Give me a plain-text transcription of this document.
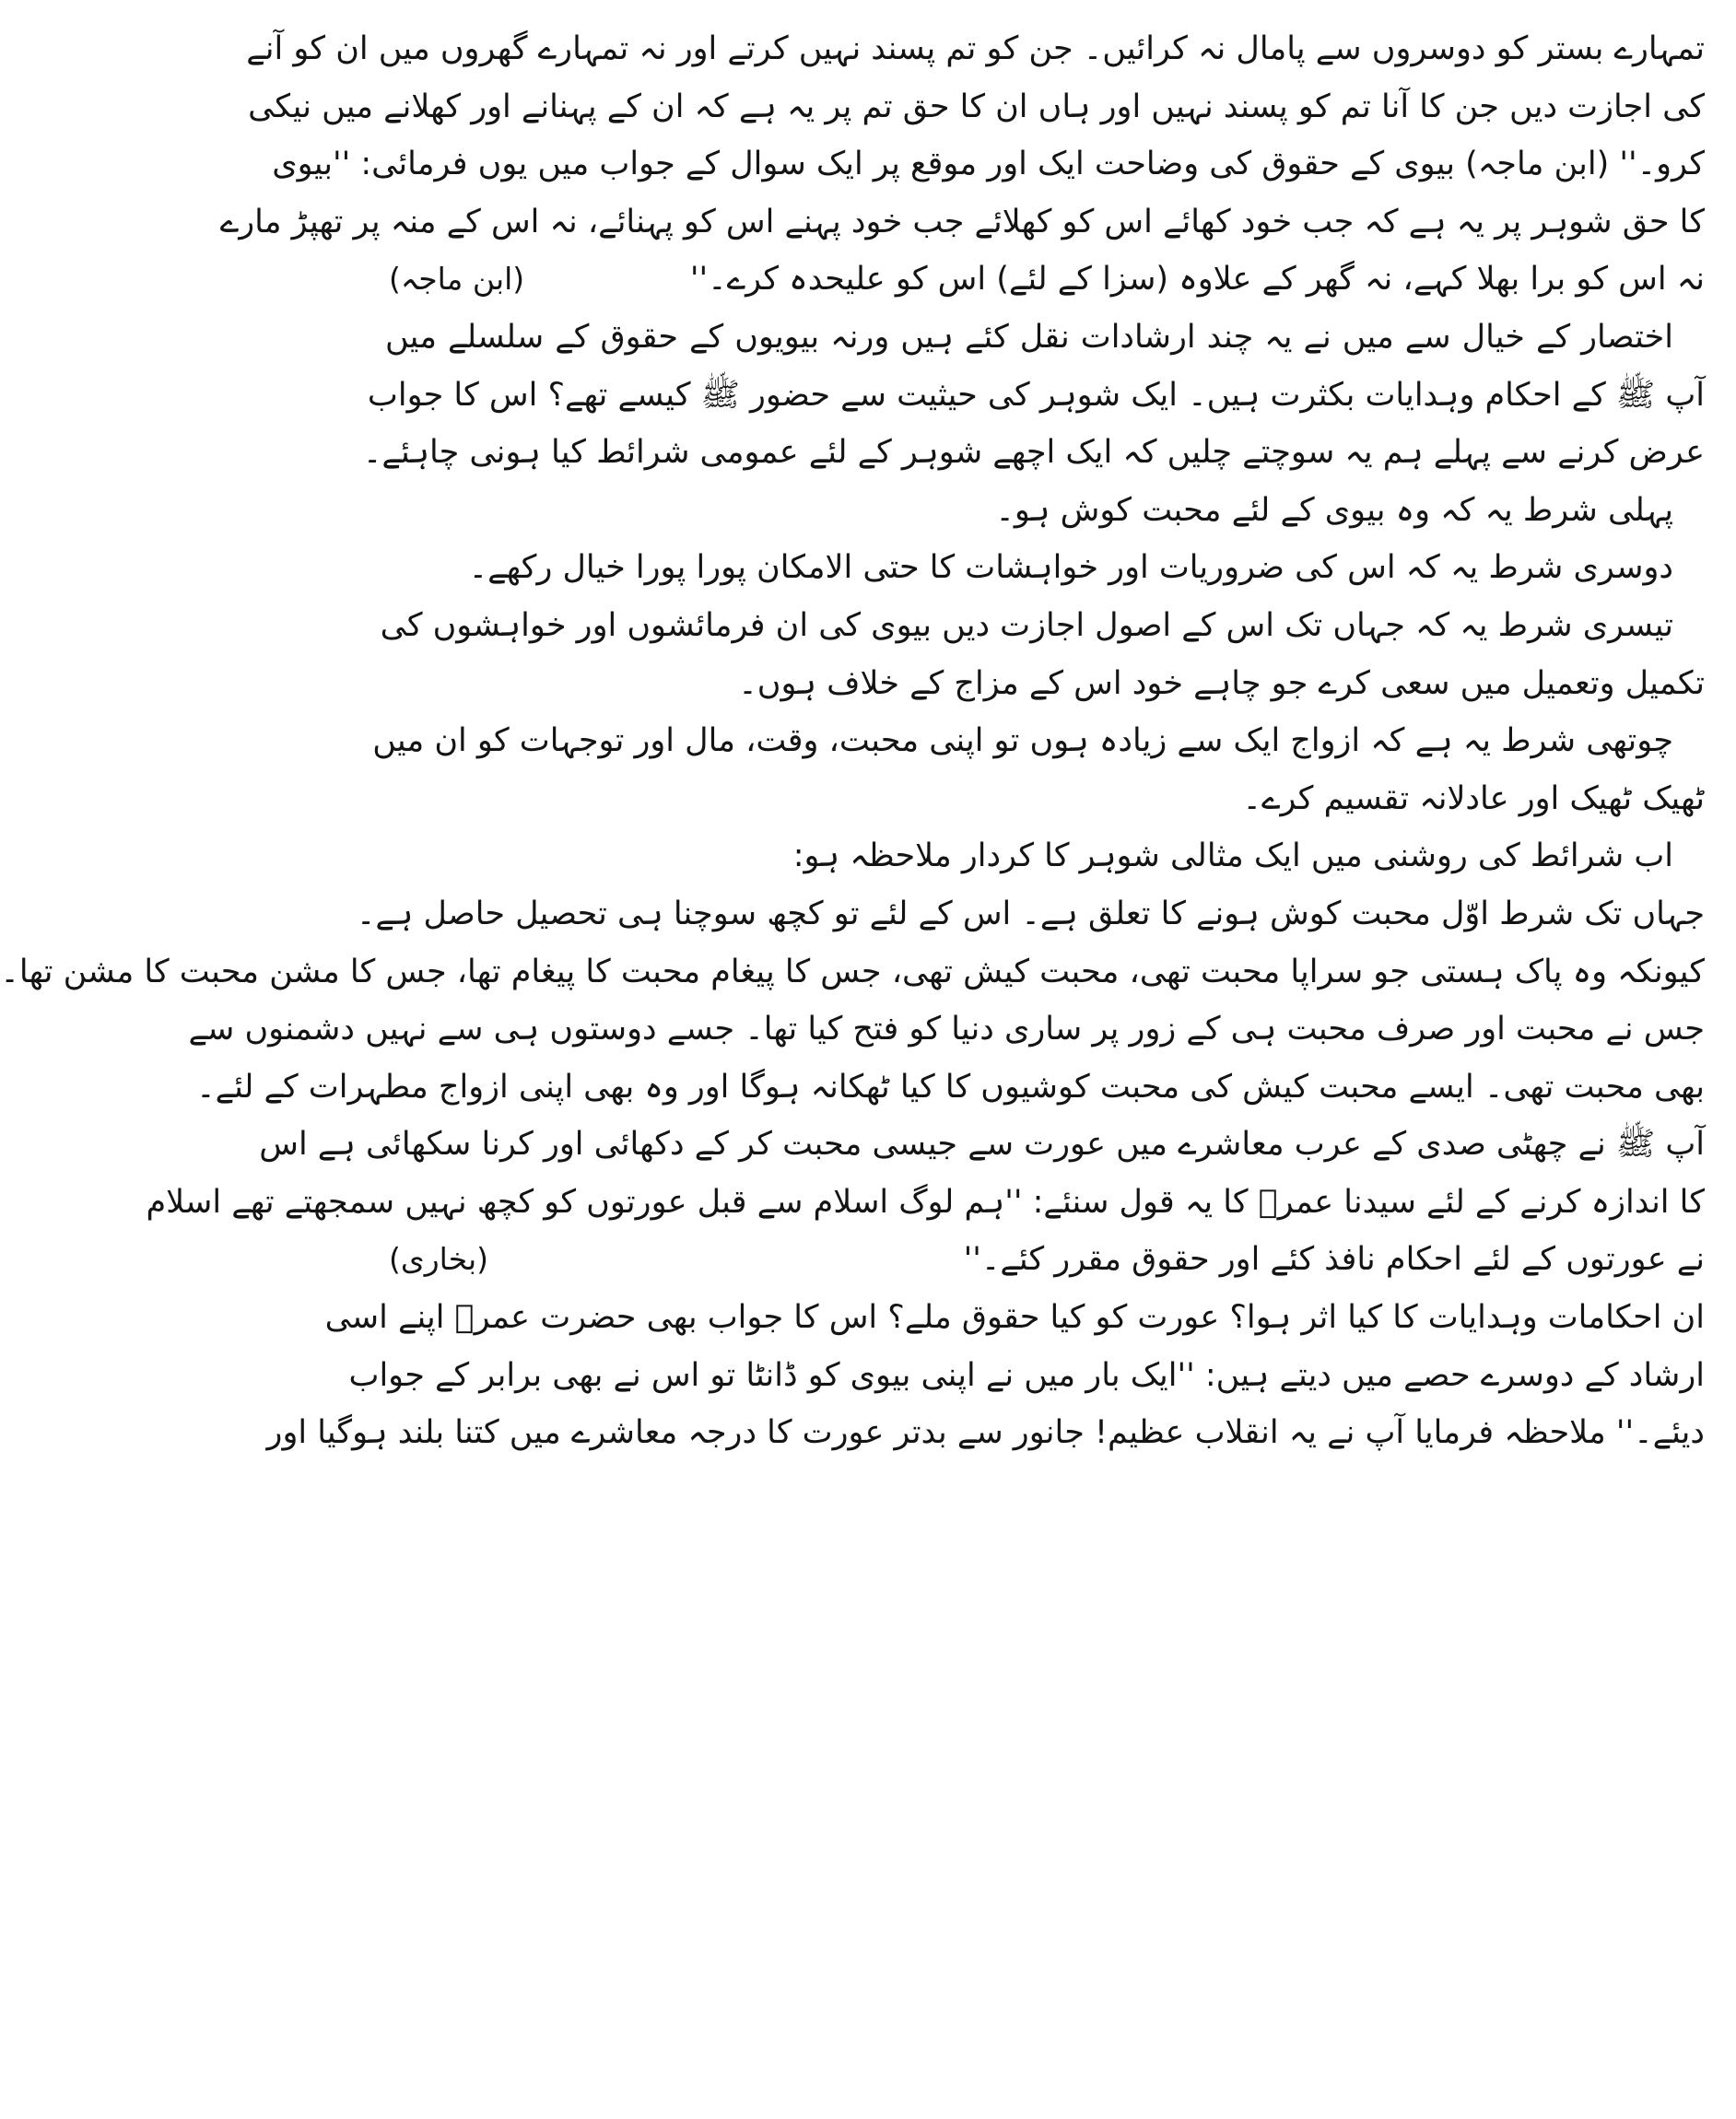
تمہارے بستر کو دوسروں سے پامال نہ کرائیں۔ جن کو تم پسند نہیں کرتے اور نہ تمہارے گھروں میں ان کو آنے
کی اجازت دیں جن کا آنا تم کو پسند نہیں اور ہاں ان کا حق تم پر یہ ہے کہ ان کے پہنانے اور کھلانے میں نیکی
کرو۔'' (ابن ماجہ) بیوی کے حقوق کی وضاحت ایک اور موقع پر ایک سوال کے جواب میں یوں فرمائی: ''بیوی
کا حق شوہر پر یہ ہے کہ جب خود کھائے اس کو کھلائے جب خود پہنے اس کو پہنائے، نہ اس کے منہ پر تھپڑ مارے
نہ اس کو برا بھلا کہے، نہ گھر کے علاوہ (سزا کے لئے) اس کو علیحدہ کرے۔''
(ابن ماجہ)
اختصار کے خیال سے میں نے یہ چند ارشادات نقل کئے ہیں ورنہ بیویوں کے حقوق کے سلسلے میں
آپ ﷺ کے احکام وہدایات بکثرت ہیں۔ ایک شوہر کی حیثیت سے حضور ﷺ کیسے تھے؟ اس کا جواب
عرض کرنے سے پہلے ہم یہ سوچتے چلیں کہ ایک اچھے شوہر کے لئے عمومی شرائط کیا ہونی چاہئے۔
پہلی شرط یہ کہ وہ بیوی کے لئے محبت کوش ہو۔
دوسری شرط یہ کہ اس کی ضروریات اور خواہشات کا حتی الامکان پورا پورا خیال رکھے۔
تیسری شرط یہ کہ جہاں تک اس کے اصول اجازت دیں بیوی کی ان فرمائشوں اور خواہشوں کی
تکمیل وتعمیل میں سعی کرے جو چاہے خود اس کے مزاج کے خلاف ہوں۔
چوتھی شرط یہ ہے کہ ازواج ایک سے زیادہ ہوں تو اپنی محبت، وقت، مال اور توجہات کو ان میں
ٹھیک ٹھیک اور عادلانہ تقسیم کرے۔
اب شرائط کی روشنی میں ایک مثالی شوہر کا کردار ملاحظہ ہو:
جہاں تک شرط اوّل محبت کوش ہونے کا تعلق ہے۔ اس کے لئے تو کچھ سوچنا ہی تحصیل حاصل ہے۔
کیونکہ وہ پاک ہستی جو سراپا محبت تھی، محبت کیش تھی، جس کا پیغام محبت کا پیغام تھا، جس کا مشن محبت کا مشن تھا۔
جس نے محبت اور صرف محبت ہی کے زور پر ساری دنیا کو فتح کیا تھا۔ جسے دوستوں ہی سے نہیں دشمنوں سے
بھی محبت تھی۔ ایسے محبت کیش کی محبت کوشیوں کا کیا ٹھکانہ ہوگا اور وہ بھی اپنی ازواج مطہرات کے لئے۔
آپ ﷺ نے چھٹی صدی کے عرب معاشرے میں عورت سے جیسی محبت کر کے دکھائی اور کرنا سکھائی ہے اس
کا اندازہ کرنے کے لئے سیدنا عمرؓ کا یہ قول سنئے: ''ہم لوگ اسلام سے قبل عورتوں کو کچھ نہیں سمجھتے تھے اسلام
نے عورتوں کے لئے احکام نافذ کئے اور حقوق مقرر کئے۔''
(بخاری)
ان احکامات وہدایات کا کیا اثر ہوا؟ عورت کو کیا حقوق ملے؟ اس کا جواب بھی حضرت عمرؓ اپنے اسی
ارشاد کے دوسرے حصے میں دیتے ہیں: ''ایک بار میں نے اپنی بیوی کو ڈانٹا تو اس نے بھی برابر کے جواب
دیئے۔'' ملاحظہ فرمایا آپ نے یہ انقلاب عظیم! جانور سے بدتر عورت کا درجہ معاشرے میں کتنا بلند ہوگیا اور
